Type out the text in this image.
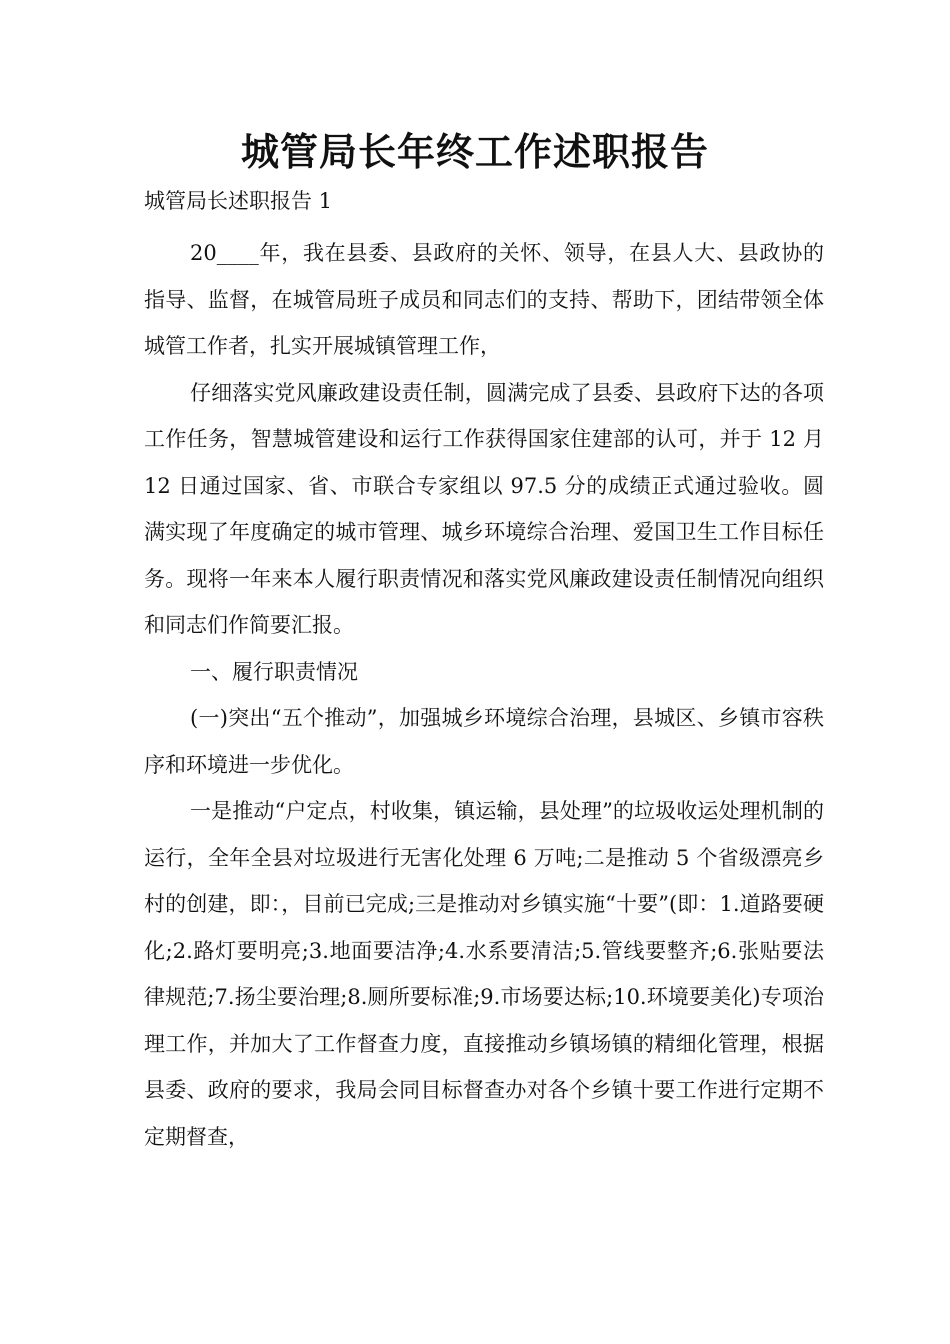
城管局长年终工作述职报告
城管局长述职报告 1

20____年，我在县委、县政府的关怀、领导，在县人大、县政协的指导、监督，在城管局班子成员和同志们的支持、帮助下，团结带领全体城管工作者，扎实开展城镇管理工作，

仔细落实党风廉政建设责任制，圆满完成了县委、县政府下达的各项工作任务，智慧城管建设和运行工作获得国家住建部的认可，并于 12 月 12 日通过国家、省、市联合专家组以 97.5 分的成绩正式通过验收。圆满实现了年度确定的城市管理、城乡环境综合治理、爱国卫生工作目标任务。现将一年来本人履行职责情况和落实党风廉政建设责任制情况向组织和同志们作简要汇报。

一、履行职责情况

(一)突出“五个推动”，加强城乡环境综合治理，县城区、乡镇市容秩序和环境进一步优化。

一是推动“户定点，村收集，镇运输，县处理”的垃圾收运处理机制的运行，全年全县对垃圾进行无害化处理 6 万吨;二是推动 5 个省级漂亮乡村的创建，即：，目前已完成;三是推动对乡镇实施“十要”(即：1.道路要硬化;2.路灯要明亮;3.地面要洁净;4.水系要清洁;5.管线要整齐;6.张贴要法律规范;7.扬尘要治理;8.厕所要标准;9.市场要达标;10.环境要美化)专项治理工作，并加大了工作督查力度，直接推动乡镇场镇的精细化管理，根据县委、政府的要求，我局会同目标督查办对各个乡镇十要工作进行定期不定期督查，
